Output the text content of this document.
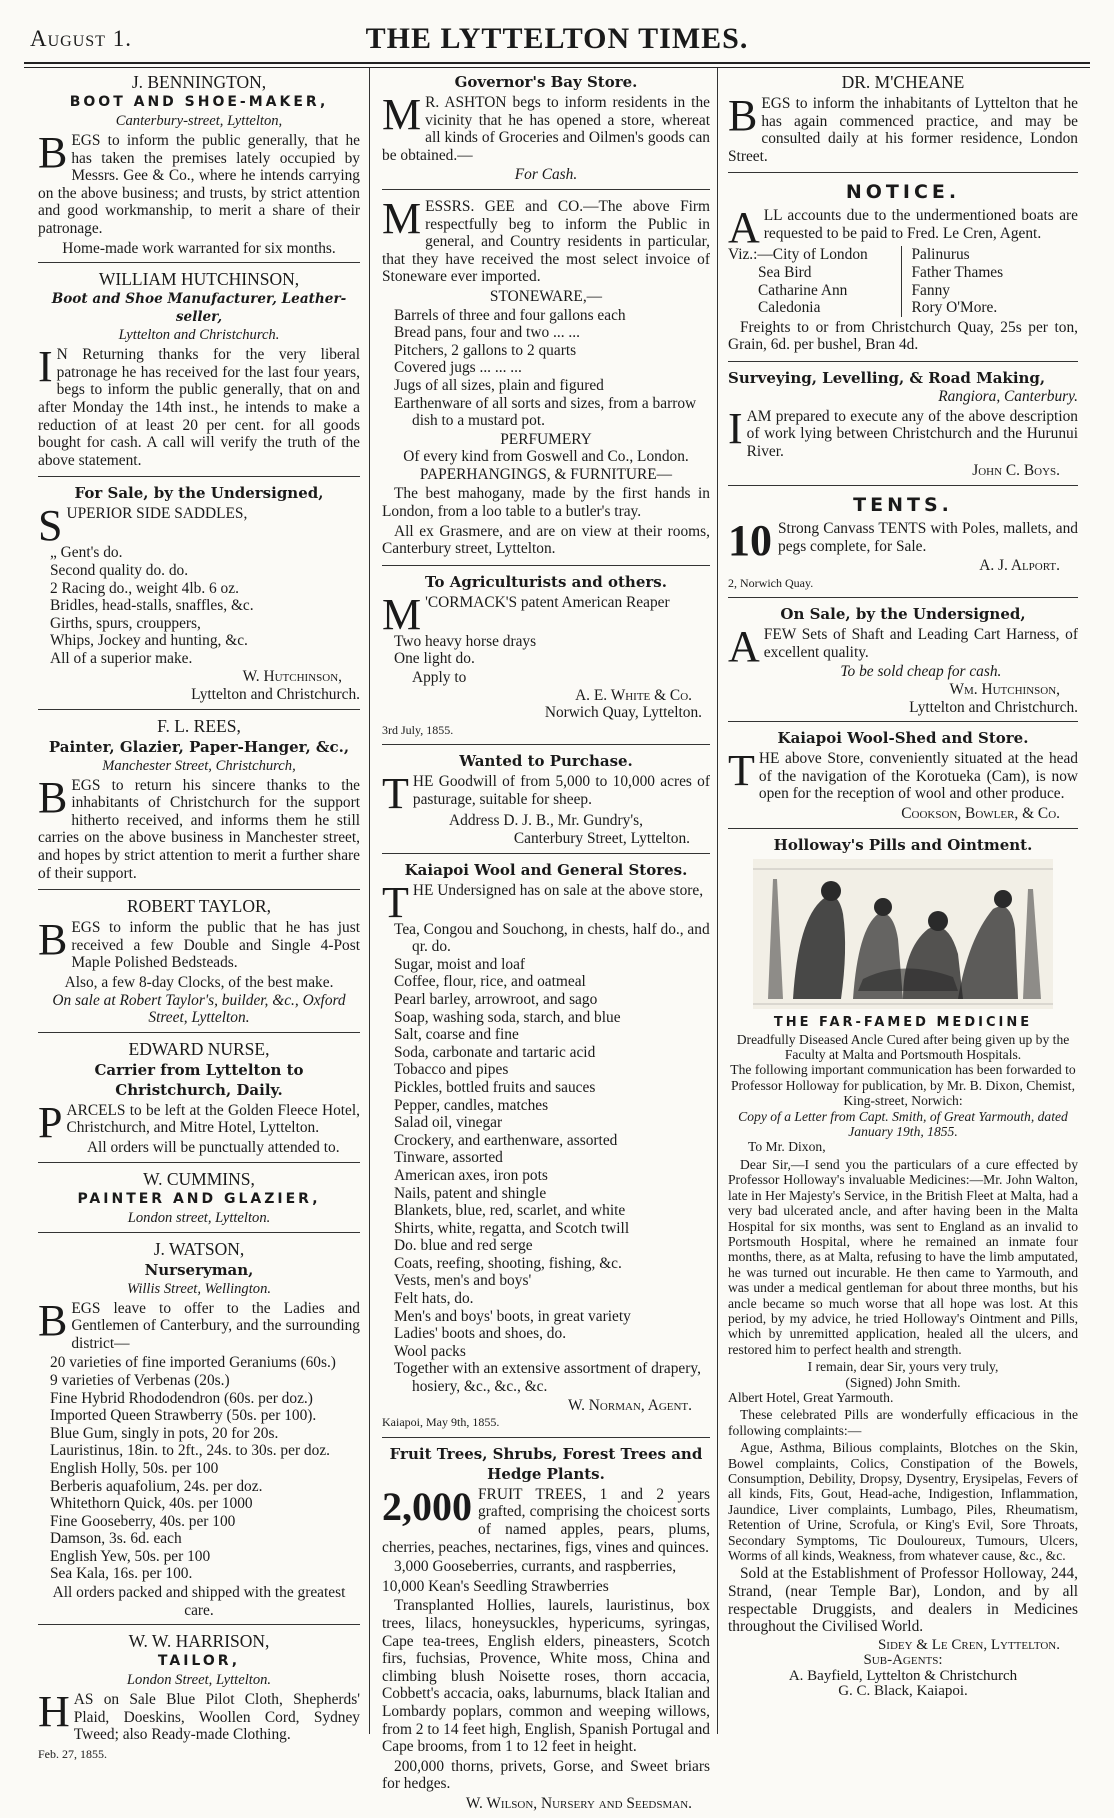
August 1.	THE LYTTELTON TIMES.
J. BENNINGTON,
BOOT AND SHOE-MAKER,
Canterbury-street, Lyttelton,
BEGS to inform the public generally, that he has taken the premises lately occupied by Messrs. Gee & Co., where he intends carrying on the above business; and trusts, by strict attention and good workmanship, to merit a share of their patronage.
Home-made work warranted for six months.
WILLIAM HUTCHINSON,
Boot and Shoe Manufacturer, Leather-seller,
Lyttelton and Christchurch.
I N Returning thanks for the very liberal patronage he has received for the last four years, begs to inform the public generally, that on and after Monday the 14th inst., he intends to make a reduction of at least 20 per cent. for all goods bought for cash. A call will verify the truth of the above statement.
For Sale, by the Undersigned,
SUPERIOR SIDE SADDLES,
„ Gent's do.
Second quality do. do.
2 Racing do., weight 4lb. 6 oz.
Bridles, head-stalls, snaffles, &c.
Girths, spurs, crouppers,
Whips, Jockey and hunting, &c.
All of a superior make.
W. Hutchinson,
Lyttelton and Christchurch.
F. L. REES,
Painter, Glazier, Paper-Hanger, &c.,
Manchester Street, Christchurch,
BEGS to return his sincere thanks to the inhabitants of Christchurch for the support hitherto received, and informs them he still carries on the above business in Manchester street, and hopes by strict attention to merit a further share of their support.
ROBERT TAYLOR,
BEGS to inform the public that he has just received a few Double and Single 4-Post Maple Polished Bedsteads.
Also, a few 8-day Clocks, of the best make.
On sale at Robert Taylor's, builder, &c., Oxford Street, Lyttelton.
EDWARD NURSE,
Carrier from Lyttelton to Christchurch, Daily.
PARCELS to be left at the Golden Fleece Hotel, Christchurch, and Mitre Hotel, Lyttelton.
All orders will be punctually attended to.
W. CUMMINS,
PAINTER AND GLAZIER,
London street, Lyttelton.
J. WATSON,
Nurseryman,
Willis Street, Wellington.
BEGS leave to offer to the Ladies and Gentlemen of Canterbury, and the surrounding district—
20 varieties of fine imported Geraniums (60s.)
9 varieties of Verbenas (20s.)
Fine Hybrid Rhododendron (60s. per doz.)
Imported Queen Strawberry (50s. per 100).
Blue Gum, singly in pots, 20 for 20s.
Lauristinus, 18in. to 2ft., 24s. to 30s. per doz.
English Holly, 50s. per 100
Berberis aquafolium, 24s. per doz.
Whitethorn Quick, 40s. per 1000
Fine Gooseberry, 40s. per 100
Damson, 3s. 6d. each
English Yew, 50s. per 100
Sea Kala, 16s. per 100.
All orders packed and shipped with the greatest care.
W. W. HARRISON,
TAILOR,
London Street, Lyttelton.
HAS on Sale Blue Pilot Cloth, Shepherds' Plaid, Doeskins, Woollen Cord, Sydney Tweed; also Ready-made Clothing.
Feb. 27, 1855.
Governor's Bay Store.
M R. ASHTON begs to inform residents in the vicinity that he has opened a store, whereat all kinds of Groceries and Oilmen's goods can be obtained.—
For Cash.
MESSRS. GEE and CO.—The above Firm respectfully beg to inform the Public in general, and Country residents in particular, that they have received the most select invoice of Stoneware ever imported.
STONEWARE,—
Barrels of three and four gallons each
Bread pans, four and two ... ...
Pitchers, 2 gallons to 2 quarts
Covered jugs ... ... ...
Jugs of all sizes, plain and figured
Earthenware of all sorts and sizes, from a barrow dish to a mustard pot.
PERFUMERY
Of every kind from Goswell and Co., London.
PAPERHANGINGS, & FURNITURE—
The best mahogany, made by the first hands in London, from a loo table to a butler's tray.
All ex Grasmere, and are on view at their rooms, Canterbury street, Lyttelton.
To Agriculturists and others.
M 'CORMACK'S patent American Reaper
Two heavy horse drays
One light do.
Apply to
A. E. White & Co.
Norwich Quay, Lyttelton.
3rd July, 1855.
Wanted to Purchase.
THE Goodwill of from 5,000 to 10,000 acres of pasturage, suitable for sheep.
Address D. J. B., Mr. Gundry's,
Canterbury Street, Lyttelton.
Kaiapoi Wool and General Stores.
THE Undersigned has on sale at the above store,
Tea, Congou and Souchong, in chests, half do., and qr. do.
Sugar, moist and loaf
Coffee, flour, rice, and oatmeal
Pearl barley, arrowroot, and sago
Soap, washing soda, starch, and blue
Salt, coarse and fine
Soda, carbonate and tartaric acid
Tobacco and pipes
Pickles, bottled fruits and sauces
Pepper, candles, matches
Salad oil, vinegar
Crockery, and earthenware, assorted
Tinware, assorted
American axes, iron pots
Nails, patent and shingle
Blankets, blue, red, scarlet, and white
Shirts, white, regatta, and Scotch twill
Do. blue and red serge
Coats, reefing, shooting, fishing, &c.
Vests, men's and boys'
Felt hats, do.
Men's and boys' boots, in great variety
Ladies' boots and shoes, do.
Wool packs
Together with an extensive assortment of drapery, hosiery, &c., &c., &c.
W. Norman, Agent.
Kaiapoi, May 9th, 1855.
Fruit Trees, Shrubs, Forest Trees and Hedge Plants.
2,000 FRUIT TREES, 1 and 2 years grafted, comprising the choicest sorts of named apples, pears, plums, cherries, peaches, nectarines, figs, vines and quinces.
3,000 Gooseberries, currants, and raspberries,
10,000 Kean's Seedling Strawberries
Transplanted Hollies, laurels, lauristinus, box trees, lilacs, honeysuckles, hypericums, syringas, Cape tea-trees, English elders, pineasters, Scotch firs, fuchsias, Provence, White moss, China and climbing blush Noisette roses, thorn accacia, Cobbett's accacia, oaks, laburnums, black Italian and Lombardy poplars, common and weeping willows, from 2 to 14 feet high, English, Spanish Portugal and Cape brooms, from 1 to 12 feet in height.
200,000 thorns, privets, Gorse, and Sweet briars for hedges.
W. Wilson, Nursery and Seedsman.
DR. M'CHEANE
BEGS to inform the inhabitants of Lyttelton that he has again commenced practice, and may be consulted daily at his former residence, London Street.
NOTICE.
ALL accounts due to the undermentioned boats are requested to be paid to Fred. Le Cren, Agent.
Viz.:—City of London
Sea Bird
Catharine Ann
Caledonia
Palinurus
Father Thames
Fanny
Rory O'More.
Freights to or from Christchurch Quay, 25s per ton, Grain, 6d. per bushel, Bran 4d.
Surveying, Levelling, & Road Making,
Rangiora, Canterbury.
IAM prepared to execute any of the above description of work lying between Christchurch and the Hurunui River.
John C. Boys.
TENTS.
10 Strong Canvass TENTS with Poles, mallets, and pegs complete, for Sale.
A. J. Alport.
2, Norwich Quay.
On Sale, by the Undersigned,
AFEW Sets of Shaft and Leading Cart Harness, of excellent quality.
To be sold cheap for cash.
Wm. Hutchinson,
Lyttelton and Christchurch.
Kaiapoi Wool-Shed and Store.
THE above Store, conveniently situated at the head of the navigation of the Korotueka (Cam), is now open for the reception of wool and other produce.
Cookson, Bowler, & Co.
Holloway's Pills and Ointment.
THE FAR-FAMED MEDICINE
Dreadfully Diseased Ancle Cured after being given up by the Faculty at Malta and Portsmouth Hospitals.
The following important communication has been forwarded to Professor Holloway for publication, by Mr. B. Dixon, Chemist, King-street, Norwich:
Copy of a Letter from Capt. Smith, of Great Yarmouth, dated January 19th, 1855.
To Mr. Dixon,
Dear Sir,—I send you the particulars of a cure effected by Professor Holloway's invaluable Medicines:—Mr. John Walton, late in Her Majesty's Service, in the British Fleet at Malta, had a very bad ulcerated ancle, and after having been in the Malta Hospital for six months, was sent to England as an invalid to Portsmouth Hospital, where he remained an inmate four months, there, as at Malta, refusing to have the limb amputated, he was turned out incurable. He then came to Yarmouth, and was under a medical gentleman for about three months, but his ancle became so much worse that all hope was lost. At this period, by my advice, he tried Holloway's Ointment and Pills, which by unremitted application, healed all the ulcers, and restored him to perfect health and strength.
I remain, dear Sir, yours very truly,
(Signed) John Smith.
Albert Hotel, Great Yarmouth.
These celebrated Pills are wonderfully efficacious in the following complaints:—
Ague, Asthma, Bilious complaints, Blotches on the Skin, Bowel complaints, Colics, Constipation of the Bowels, Consumption, Debility, Dropsy, Dysentry, Erysipelas, Fevers of all kinds, Fits, Gout, Head-ache, Indigestion, Inflammation, Jaundice, Liver complaints, Lumbago, Piles, Rheumatism, Retention of Urine, Scrofula, or King's Evil, Sore Throats, Secondary Symptoms, Tic Douloureux, Tumours, Ulcers, Worms of all kinds, Weakness, from whatever cause, &c., &c.
Sold at the Establishment of Professor Holloway, 244, Strand, (near Temple Bar), London, and by all respectable Druggists, and dealers in Medicines throughout the Civilised World.
Sidey & Le Cren, Lyttelton.
Sub-Agents:
A. Bayfield, Lyttelton & Christchurch
G. C. Black, Kaiapoi.
